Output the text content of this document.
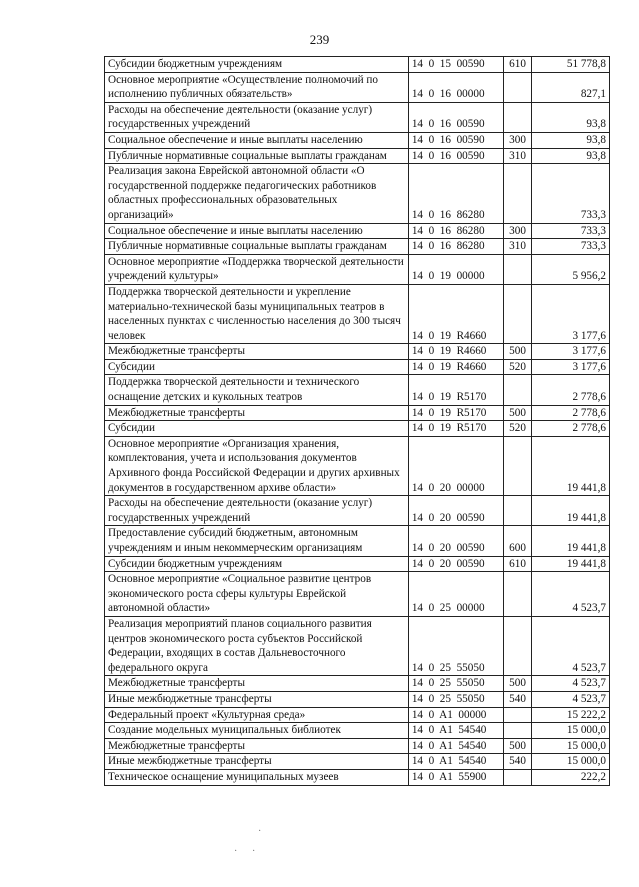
239
Субсидии бюджетным учреждениям	14  0  15  00590	610	51 778,8
Основное мероприятие «Осуществление полномочий по исполнению публичных обязательств»	14  0  16  00000		827,1
Расходы на обеспечение деятельности (оказание услуг) государственных учреждений	14  0  16  00590		93,8
Социальное обеспечение и иные выплаты населению	14  0  16  00590	300	93,8
Публичные нормативные социальные выплаты гражданам	14  0  16  00590	310	93,8
Реализация закона Еврейской автономной области «О государственной поддержке педагогических работников областных профессиональных образовательных организаций»	14  0  16  86280		733,3
Социальное обеспечение и иные выплаты населению	14  0  16  86280	300	733,3
Публичные нормативные социальные выплаты гражданам	14  0  16  86280	310	733,3
Основное мероприятие «Поддержка творческой деятельности учреждений культуры»	14  0  19  00000		5 956,2
Поддержка творческой деятельности и укрепление материально-технической базы муниципальных театров в населенных пунктах с численностью населения до 300 тысяч человек	14  0  19  R4660		3 177,6
Межбюджетные трансферты	14  0  19  R4660	500	3 177,6
Субсидии	14  0  19  R4660	520	3 177,6
Поддержка творческой деятельности и технического оснащение детских и кукольных театров	14  0  19  R5170		2 778,6
Межбюджетные трансферты	14  0  19  R5170	500	2 778,6
Субсидии	14  0  19  R5170	520	2 778,6
Основное мероприятие «Организация хранения, комплектования, учета и использования документов Архивного фонда Российской Федерации и других архивных документов в государственном архиве области»	14  0  20  00000		19 441,8
Расходы на обеспечение деятельности (оказание услуг) государственных учреждений	14  0  20  00590		19 441,8
Предоставление субсидий бюджетным, автономным учреждениям и иным некоммерческим организациям	14  0  20  00590	600	19 441,8
Субсидии бюджетным учреждениям	14  0  20  00590	610	19 441,8
Основное мероприятие «Социальное развитие центров экономического роста сферы культуры Еврейской автономной области»	14  0  25  00000		4 523,7
Реализация мероприятий планов социального развития центров экономического роста субъектов Российской Федерации, входящих в состав Дальневосточного федерального округа	14  0  25  55050		4 523,7
Межбюджетные трансферты	14  0  25  55050	500	4 523,7
Иные межбюджетные трансферты	14  0  25  55050	540	4 523,7
Федеральный проект «Культурная среда»	14  0  A1  00000		15 222,2
Создание модельных муниципальных библиотек	14  0  A1  54540		15 000,0
Межбюджетные трансферты	14  0  A1  54540	500	15 000,0
Иные межбюджетные трансферты	14  0  A1  54540	540	15 000,0
Техническое оснащение муниципальных музеев	14  0  A1  55900		222,2
·
· ·
